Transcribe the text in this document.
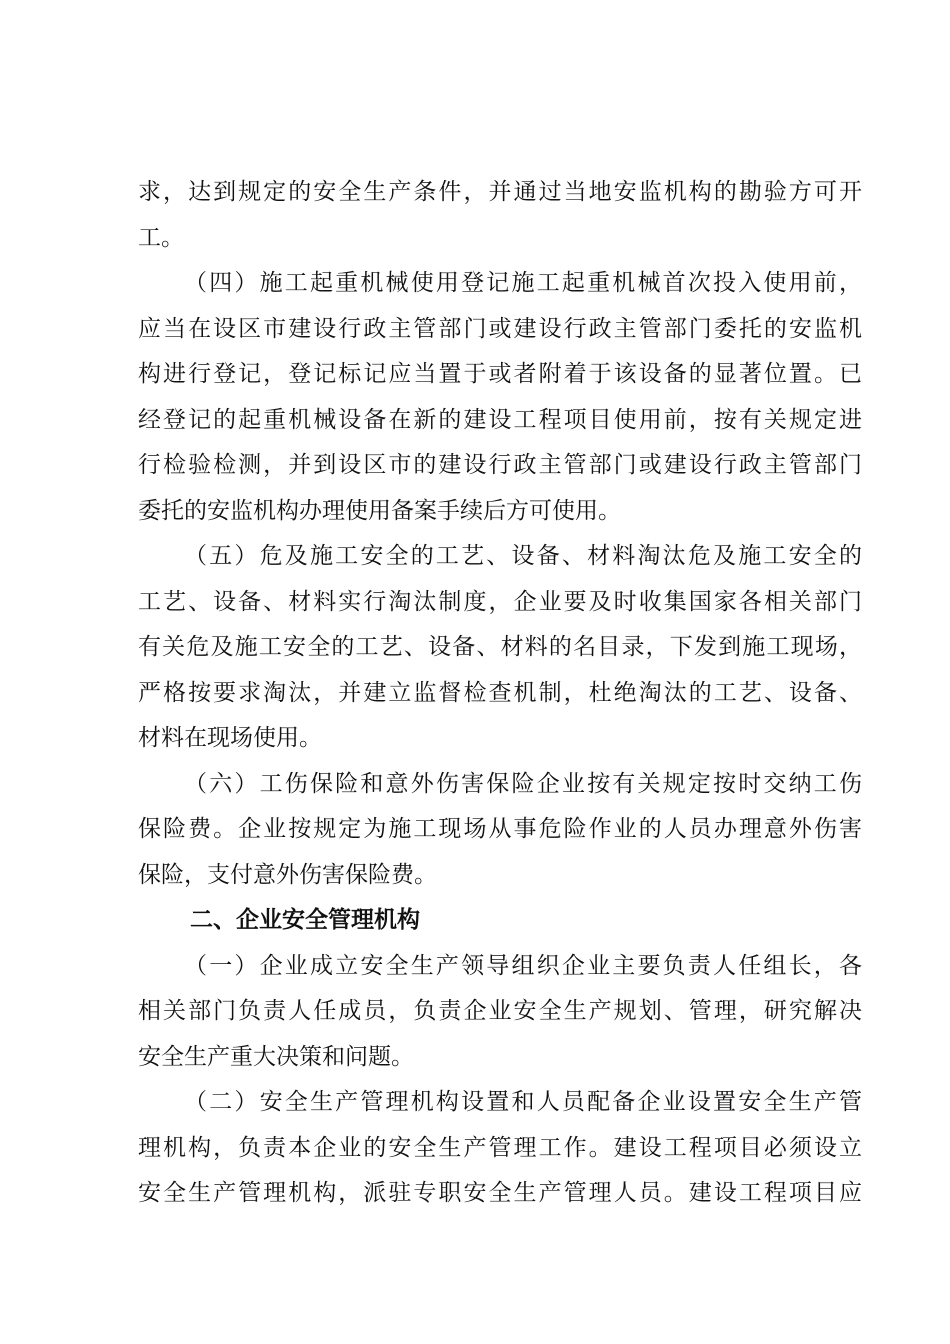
求，达到规定的安全生产条件，并通过当地安监机构的勘验方可开
工。
（四）施工起重机械使用登记施工起重机械首次投入使用前，
应当在设区市建设行政主管部门或建设行政主管部门委托的安监机
构进行登记，登记标记应当置于或者附着于该设备的显著位置。已
经登记的起重机械设备在新的建设工程项目使用前，按有关规定进
行检验检测，并到设区市的建设行政主管部门或建设行政主管部门
委托的安监机构办理使用备案手续后方可使用。
（五）危及施工安全的工艺、设备、材料淘汰危及施工安全的
工艺、设备、材料实行淘汰制度，企业要及时收集国家各相关部门
有关危及施工安全的工艺、设备、材料的名目录，下发到施工现场，
严格按要求淘汰，并建立监督检查机制，杜绝淘汰的工艺、设备、
材料在现场使用。
（六）工伤保险和意外伤害保险企业按有关规定按时交纳工伤
保险费。企业按规定为施工现场从事危险作业的人员办理意外伤害
保险，支付意外伤害保险费。
二、企业安全管理机构
（一）企业成立安全生产领导组织企业主要负责人任组长，各
相关部门负责人任成员，负责企业安全生产规划、管理，研究解决
安全生产重大决策和问题。
（二）安全生产管理机构设置和人员配备企业设置安全生产管
理机构，负责本企业的安全生产管理工作。建设工程项目必须设立
安全生产管理机构，派驻专职安全生产管理人员。建设工程项目应
